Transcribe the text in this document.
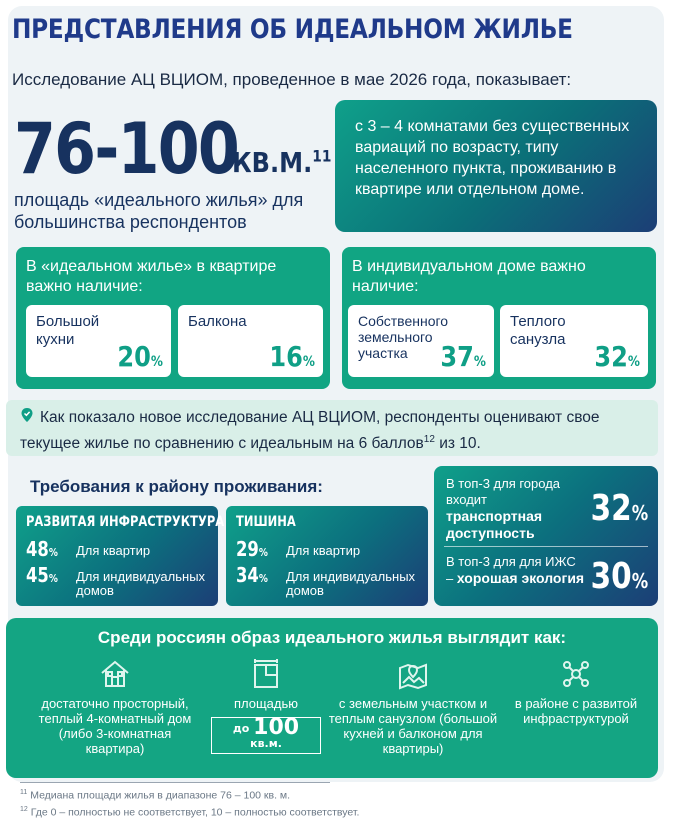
ПРЕДСТАВЛЕНИЯ ОБ ИДЕАЛЬНОМ ЖИЛЬЕ
Исследование АЦ ВЦИОМ, проведенное в мае 2026 года, показывает:
76-100
КВ.М.$^{11}$
площадь «идеального жилья» для большинства респондентов
с 3 – 4 комнатами без существенных вариаций по возрасту, типу населенного пункта, проживанию в квартире или отдельном доме.
В «идеальном жилье» в квартире важно наличие:
Большой кухни
20%
Балкона
16%
В индивидуальном доме важно наличие:
Собственного земельного участка	37%
Теплого санузла
32%
Как показало новое исследование АЦ ВЦИОМ, респонденты оценивают свое текущее жилье по сравнению с идеальным на 6 баллов$^{12}$ из 10.
Требования к району проживания:
РАЗВИТАЯ ИНФРАСТРУКТУРА
48% Для квартир
45% Для индивидуальных домов
ТИШИНА
29% Для квартир
34% Для индивидуальных домов
В топ-3 для города входит транспортная доступность
32%
В топ-3 для для ИЖС – хорошая экология 30%
Среди россиян образ идеального жилья выглядит как:
достаточно просторный, теплый 4-комнатный дом (либо 3-комнатная квартира)
площадью
до 100 кв.м.
с земельным участком и теплым санузлом (большой кухней и балконом для квартиры)
в районе с развитой инфраструктурой
$^{11}$ Медиана площади жилья в диапазоне 76 – 100 кв. м.
$^{12}$ Где 0 – полностью не соответствует, 10 – полностью соответствует.
